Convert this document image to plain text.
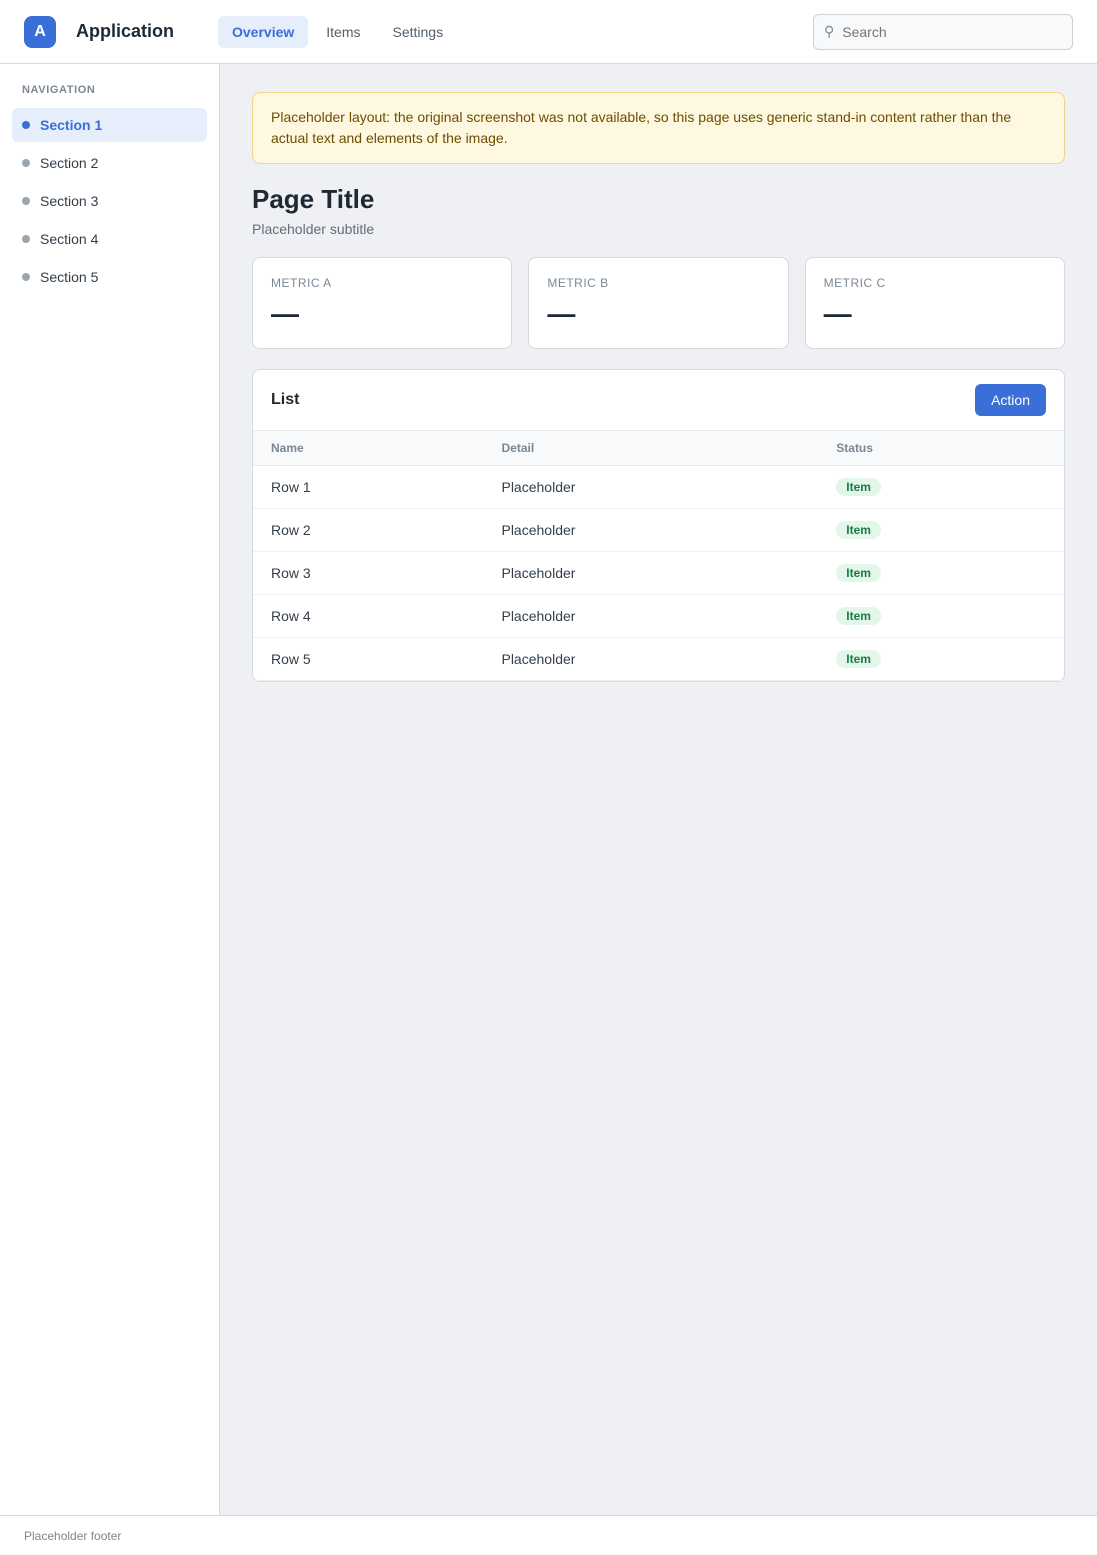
A	Application	Overview	Items	Settings	⚲
Search
NAVIGATION
Section 1
Section 2
Section 3
Section 4
Section 5
Placeholder layout: the original screenshot was not available, so this page uses generic stand-in content rather than the actual text and elements of the image.
Page Title
Placeholder subtitle
METRIC A
—
METRIC B
—
METRIC C
—
List	Action
Name	Detail	Status
Row 1	Placeholder	Item
Row 2	Placeholder	Item
Row 3	Placeholder	Item
Row 4	Placeholder	Item
Row 5	Placeholder	Item
Placeholder footer
